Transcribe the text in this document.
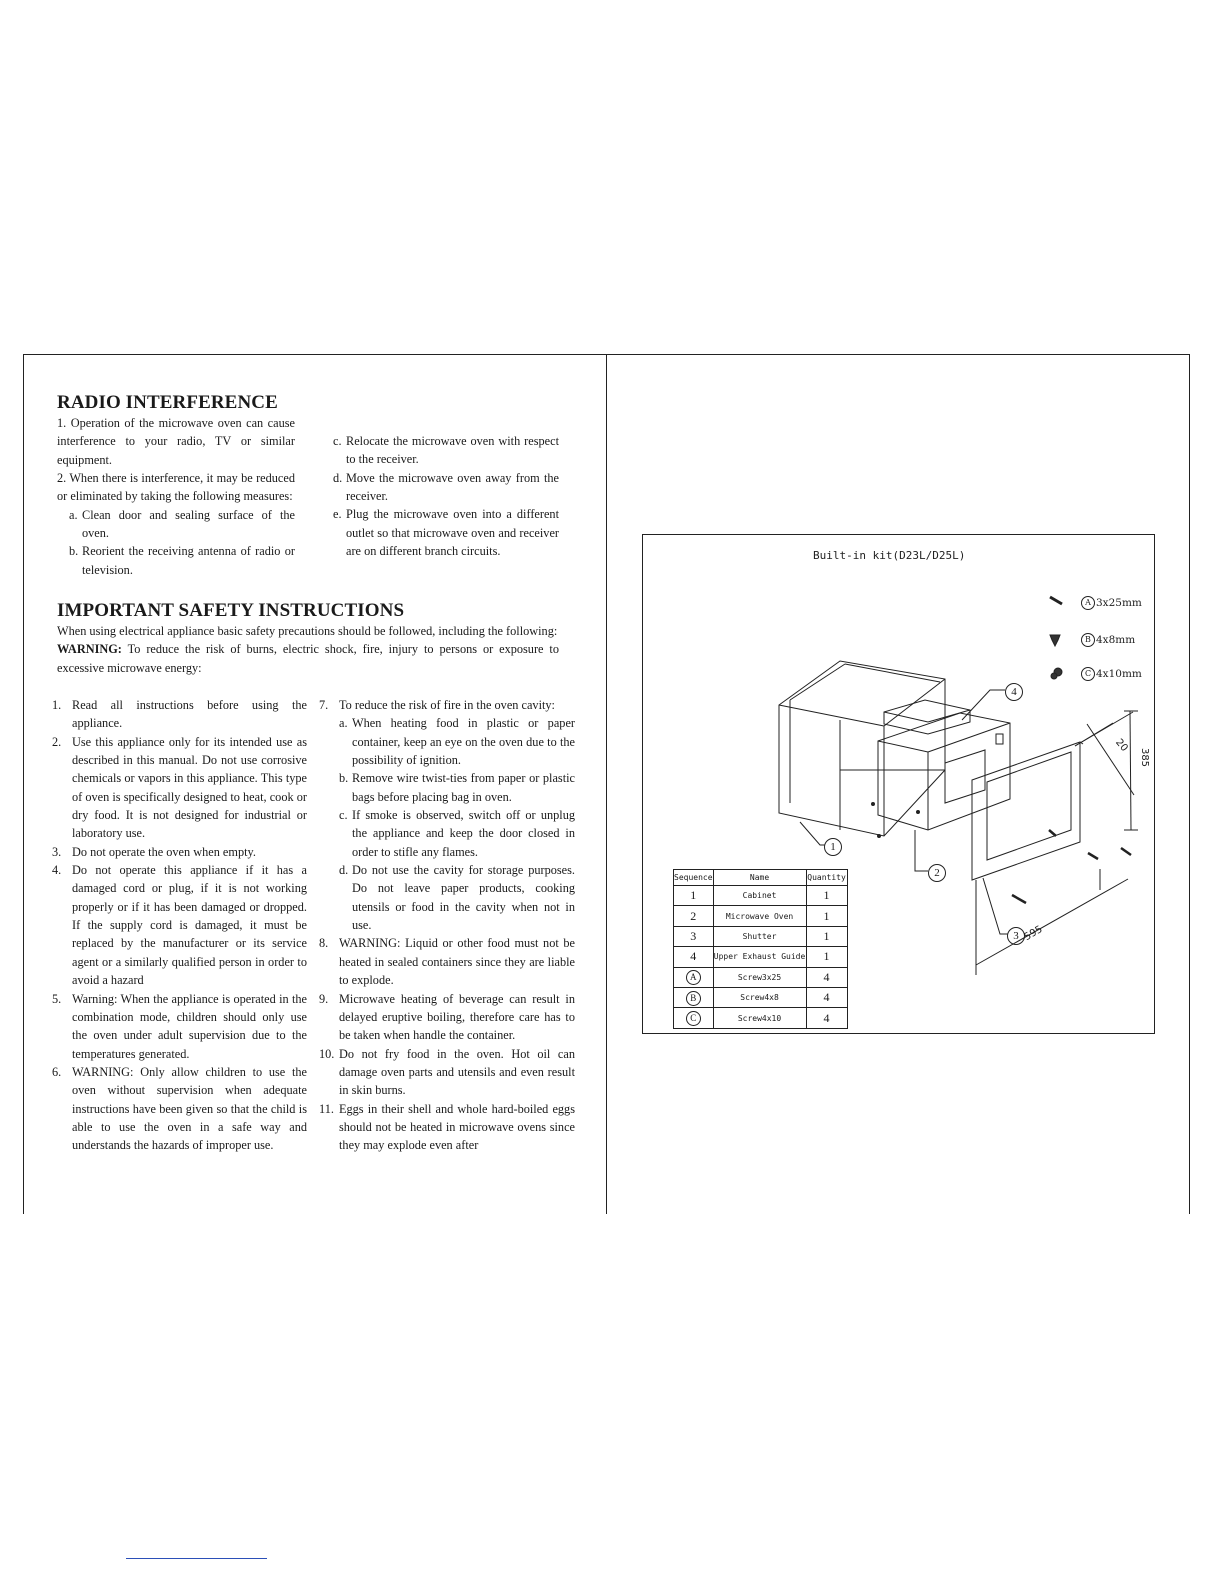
RADIO INTERFERENCE

1. Operation of the microwave oven can cause interference to your radio, TV or similar equipment.

2. When there is interference, it may be reduced or eliminated by taking the following measures:

a. Clean door and sealing surface of the oven.
b. Reorient the receiving antenna of radio or television.
c. Relocate the microwave oven with respect to the receiver.
d. Move the microwave oven away from the receiver.
e. Plug the microwave oven into a different outlet so that microwave oven and receiver are on different branch circuits.
IMPORTANT SAFETY INSTRUCTIONS

When using electrical appliance basic safety precautions should be followed, including the following:

WARNING: To reduce the risk of burns, electric shock, fire, injury to persons or exposure to excessive microwave energy:

1. Read all instructions before using the appliance.
2. Use this appliance only for its intended use as described in this manual. Do not use corrosive chemicals or vapors in this appliance. This type of oven is specifically designed to heat, cook or dry food. It is not designed for industrial or laboratory use.
3. Do not operate the oven when empty.
4. Do not operate this appliance if it has a damaged cord or plug, if it is not working properly or if it has been damaged or dropped. If the supply cord is damaged, it must be replaced by the manufacturer or its service agent or a similarly qualified person in order to avoid a hazard
5. Warning: When the appliance is operated in the combination mode, children should only use the oven under adult supervision due to the temperatures generated.
6. WARNING: Only allow children to use the oven without supervision when adequate instructions have been given so that the child is able to use the oven in a safe way and understands the hazards of improper use.
7. To reduce the risk of fire in the oven cavity:
a. When heating food in plastic or paper container, keep an eye on the oven due to the possibility of ignition.
b. Remove wire twist-ties from paper or plastic bags before placing bag in oven.
c. If smoke is observed, switch off or unplug the appliance and keep the door closed in order to stifle any flames.
d. Do not use the cavity for storage purposes. Do not leave paper products, cooking utensils or food in the cavity when not in use.
8. WARNING: Liquid or other food must not be heated in sealed containers since they are liable to explode.
9. Microwave heating of beverage can result in delayed eruptive boiling, therefore care has to be taken when handle the container.
10. Do not fry food in the oven. Hot oil can damage oven parts and utensils and even result in skin burns.
11. Eggs in their shell and whole hard-boiled eggs should not be heated in microwave ovens since they may explode even after
Built-in kit(D23L/D25L)
A 3x25mm
B 4x8mm
C 4x10mm
1
2
3
4
20
385
595
Sequence	Name	Quantity
1	Cabinet	1
2	Microwave Oven	1
3	Shutter	1
4	Upper Exhaust Guide	1
A	Screw3x25	4
B	Screw4x8	4
C	Screw4x10	4
